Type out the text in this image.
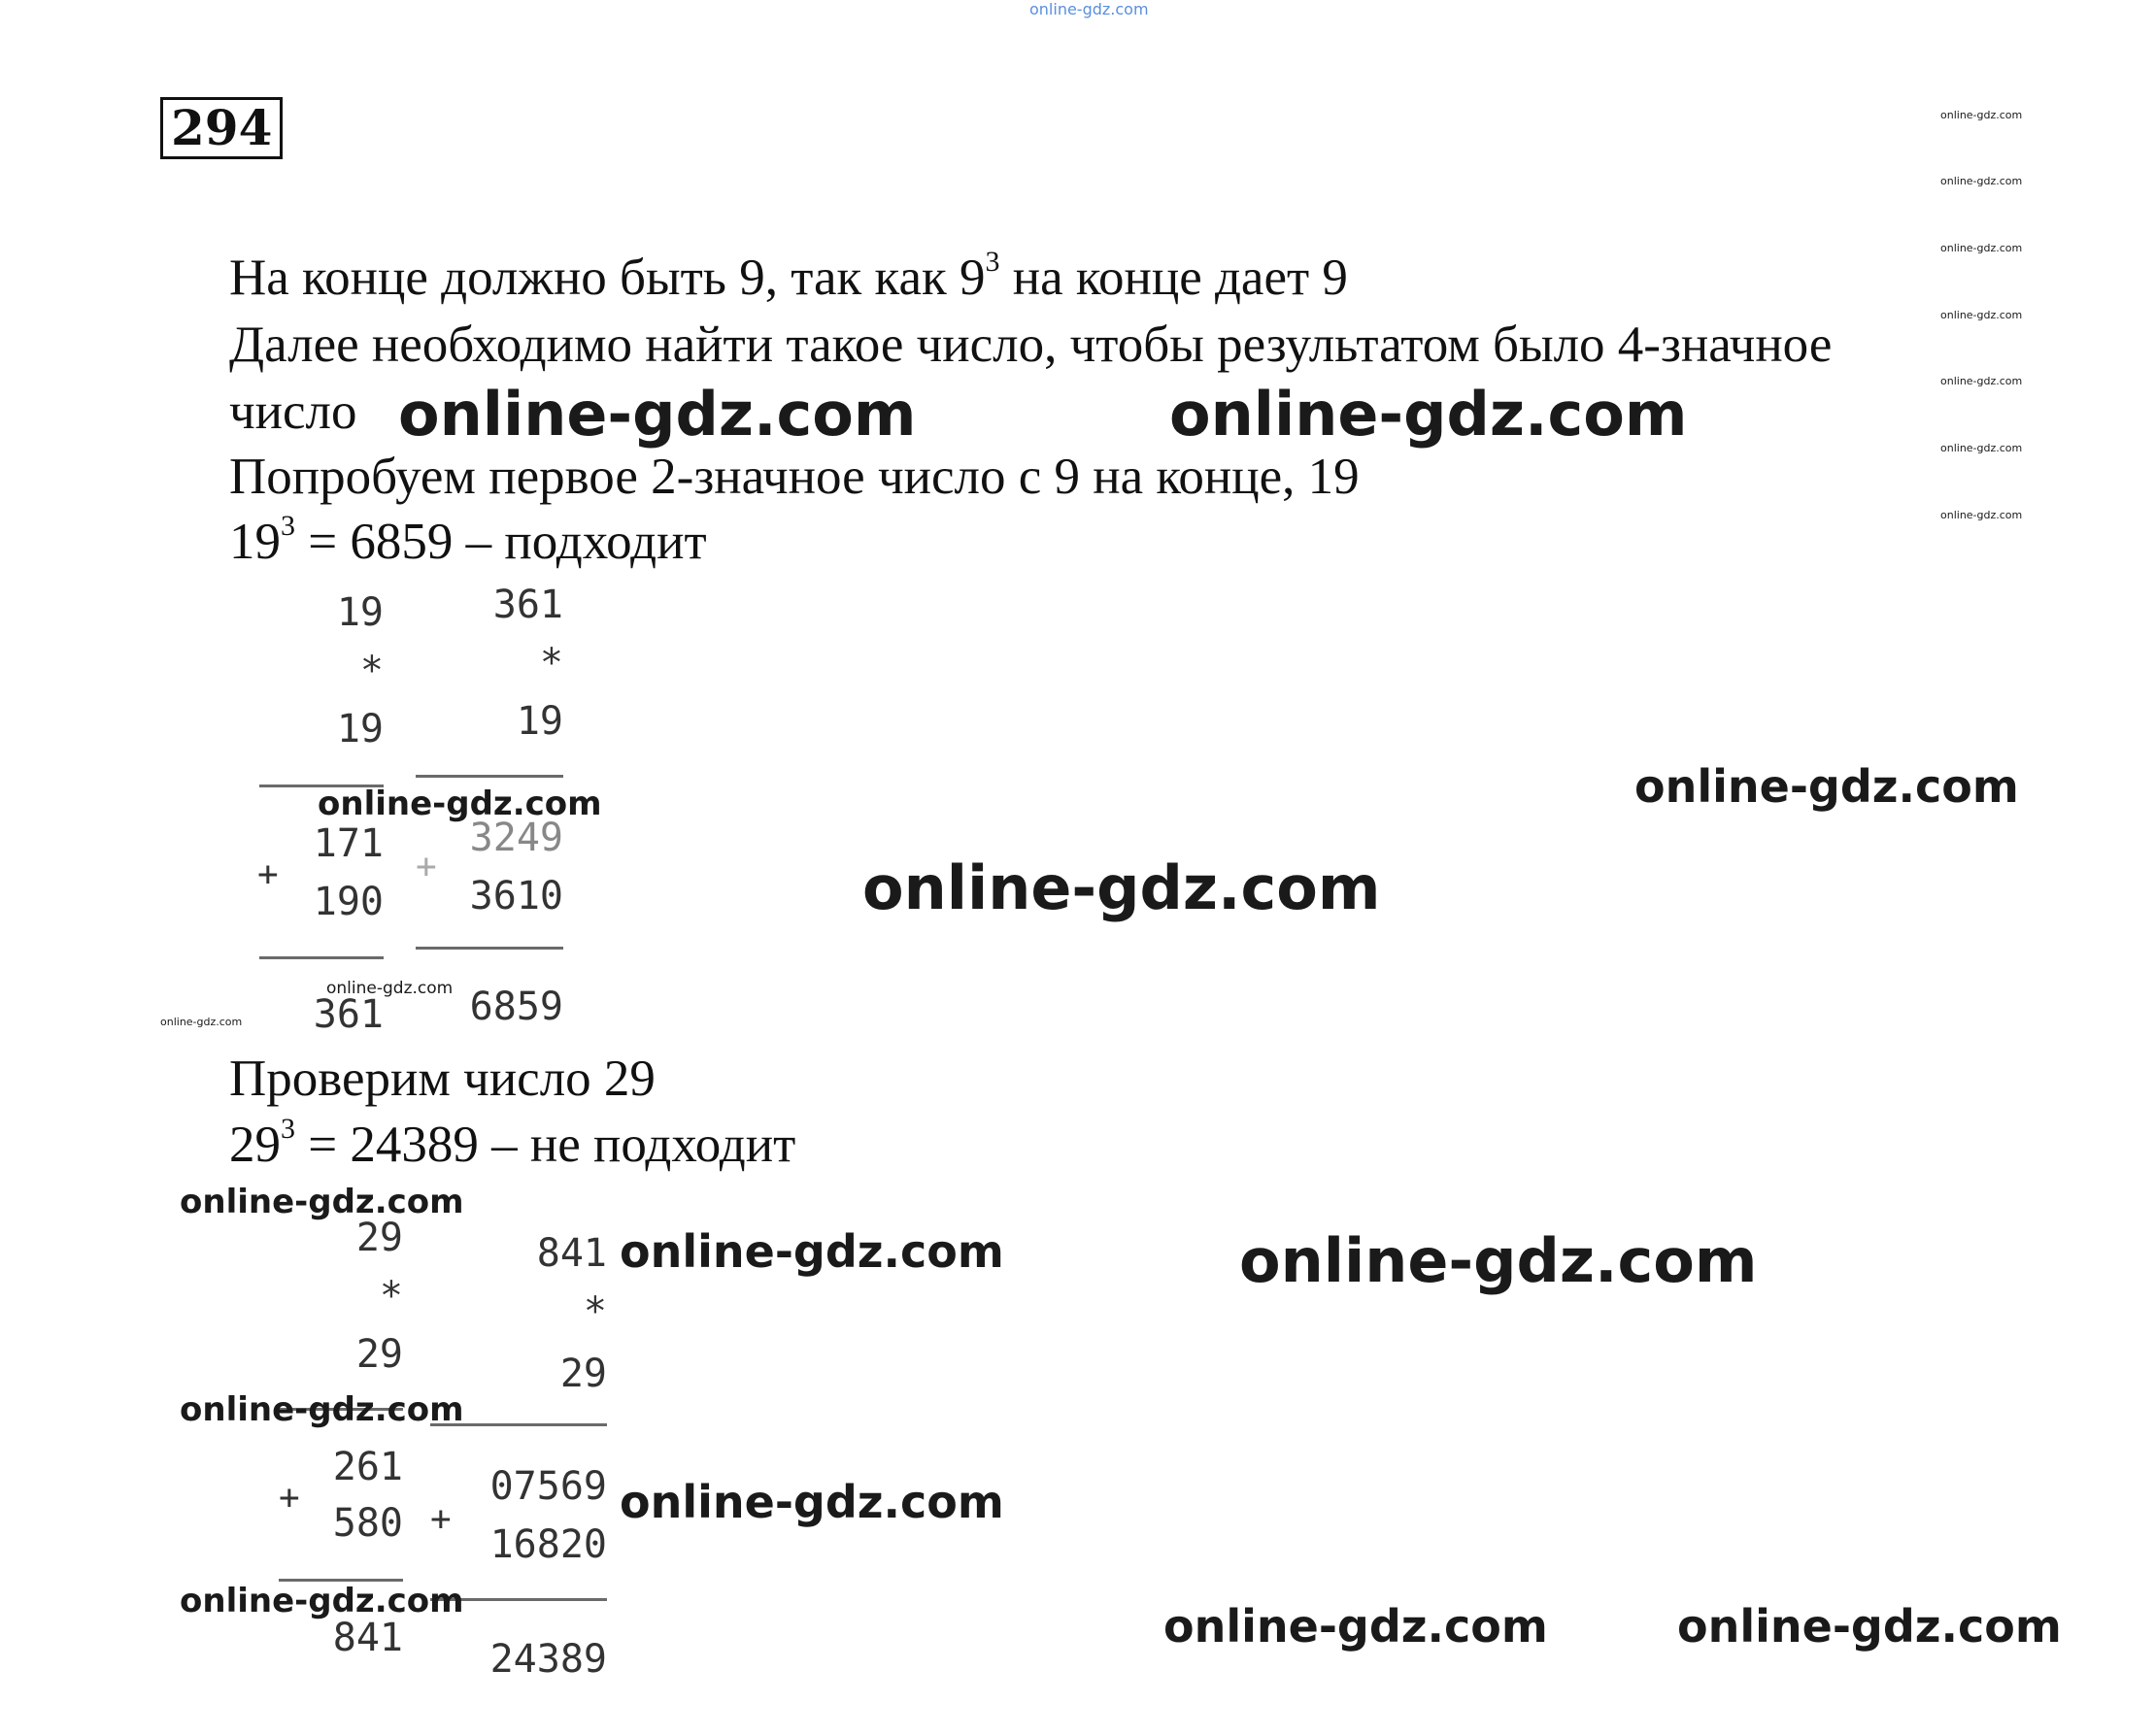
online-gdz.com
294	online-gdz.com
online-gdz.com
online-gdz.com
online-gdz.com
online-gdz.com
online-gdz.com
online-gdz.com
На конце должно быть 9, так как $9^3$ на конце дает 9
Далее необходимо найти такое число, чтобы результатом было 4-значное
число
Попробуем первое 2-значное число с 9 на конце, 19
$19^3 = 6859$ – подходит
online-gdz.com	online-gdz.com
19
*
19
171
+
190
361
361
*
19
3249
+
3610
6859
online-gdz.com
online-gdz.com
online-gdz.com
online-gdz.com
online-gdz.com
Проверим число 29
$29^3 = 24389$ – не подходит
29
*
29
261
+
580
841
841
*
29
07569
+
16820
24389
online-gdz.com
online-gdz.com	online-gdz.com
online-gdz.com
online-gdz.com
online-gdz.com	online-gdz.com	online-gdz.com
